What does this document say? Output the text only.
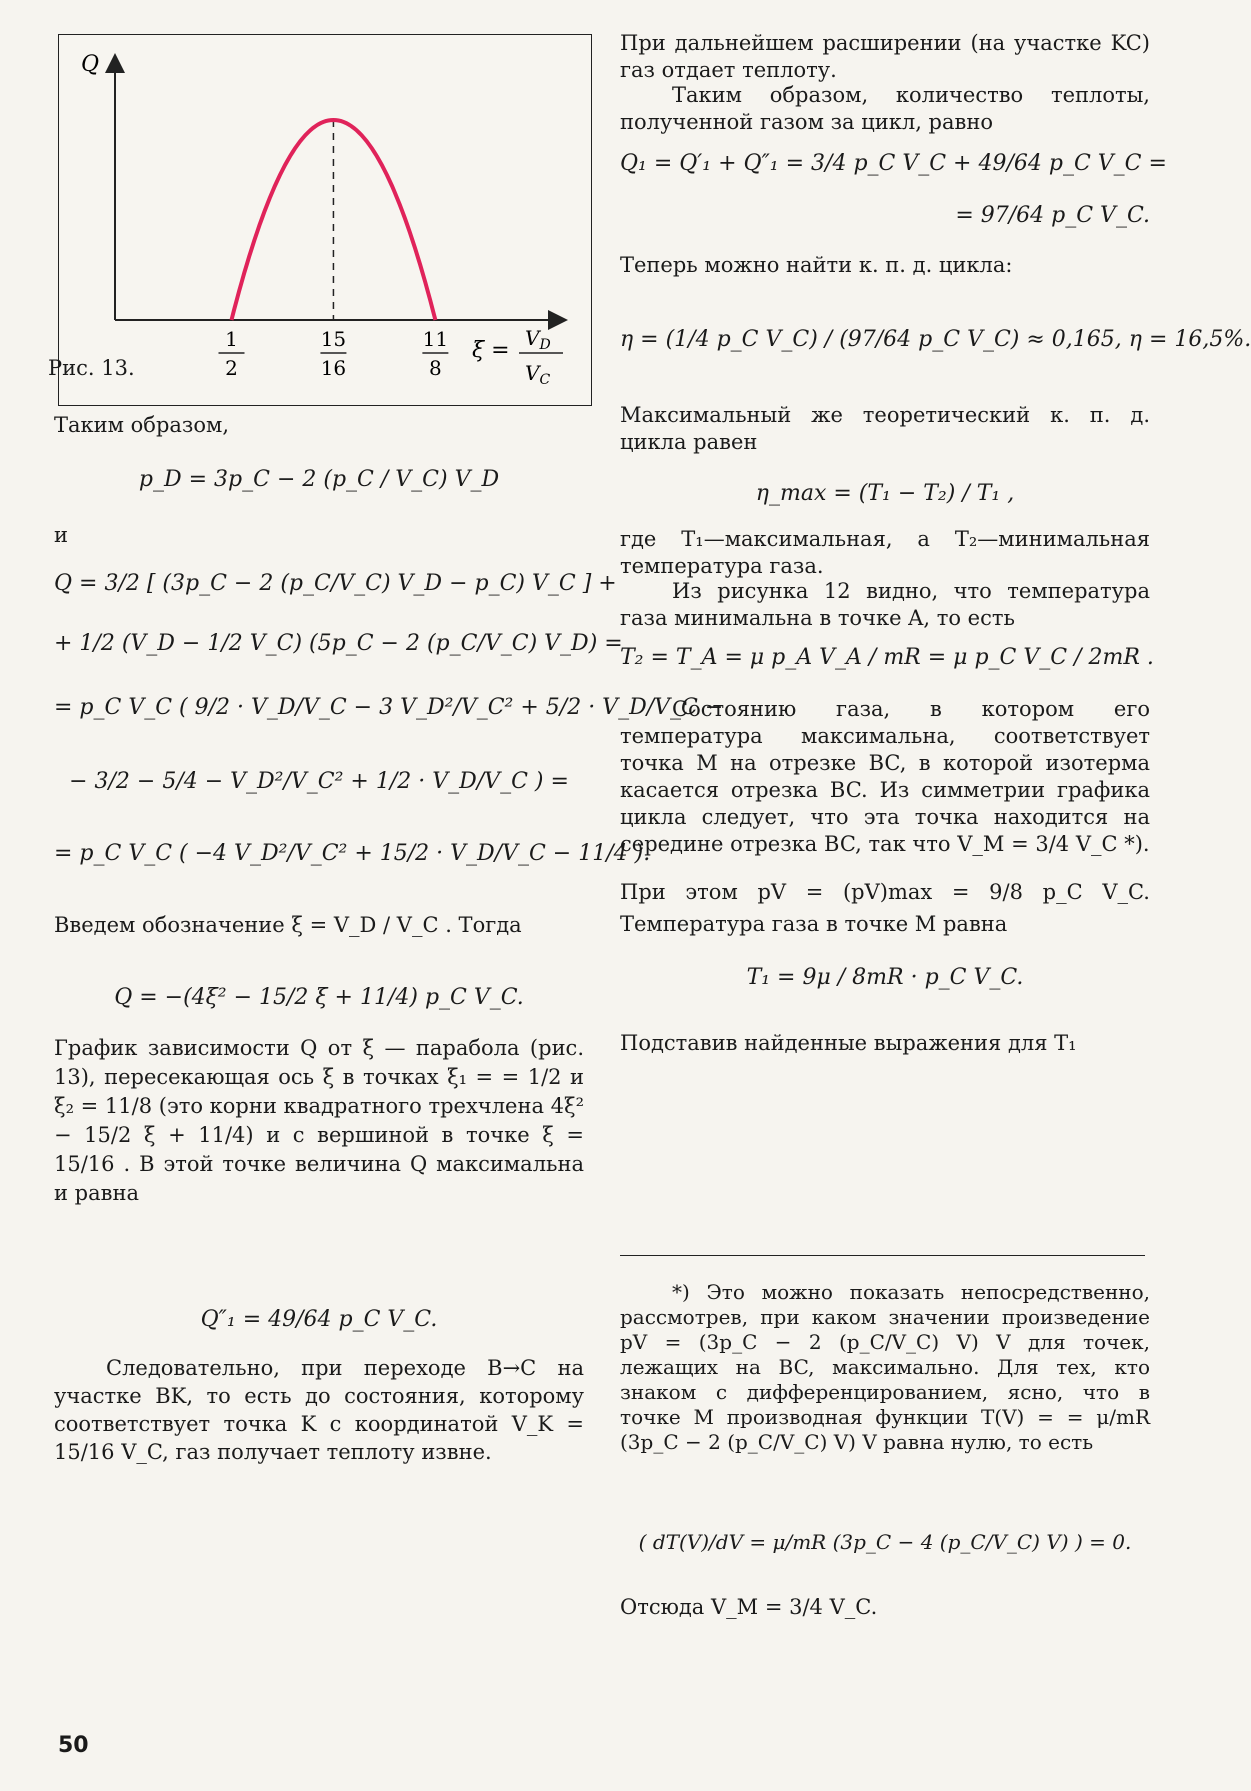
Q
1
2
15
16
11
8
$\xi = V_D$
$V_C$
Рис. 13.
Таким образом,
p_D = 3p_C − 2 (p_C / V_C) V_D
и
Q = 3/2 [ (3p_C − 2 (p_C/V_C) V_D − p_C) V_C ] +
+ 1/2 (V_D − 1/2 V_C) (5p_C − 2 (p_C/V_C) V_D) =
= p_C V_C ( 9/2 · V_D/V_C − 3 V_D²/V_C² + 5/2 · V_D/V_C −
− 3/2 − 5/4 − V_D²/V_C² + 1/2 · V_D/V_C ) =
= p_C V_C ( −4 V_D²/V_C² + 15/2 · V_D/V_C − 11/4 ).
Введем обозначение ξ = V_D / V_C . Тогда
Q = −(4ξ² − 15/2 ξ + 11/4) p_C V_C.
График зависимости Q от ξ — парабола (рис. 13), пересекающая ось ξ в точках ξ₁ = = 1/2 и ξ₂ = 11/8 (это корни квадратного трехчлена 4ξ² − 15/2 ξ + 11/4) и с вершиной в точке ξ = 15/16 . В этой точке величина Q максимальна и равна
Q″₁ = 49/64 p_C V_C.
Следовательно, при переходе B→C на участке BK, то есть до состояния, которому соответствует точка K с координатой V_K = 15/16 V_C, газ получает теплоту извне.
При дальнейшем расширении (на участке KC) газ отдает теплоту.
Таким образом, количество теплоты, полученной газом за цикл, равно
Q₁ = Q′₁ + Q″₁ = 3/4 p_C V_C + 49/64 p_C V_C =
= 97/64 p_C V_C.
Теперь можно найти к. п. д. цикла:
η = (1/4 p_C V_C) / (97/64 p_C V_C) ≈ 0,165, η = 16,5%.
Максимальный же теоретический к. п. д. цикла равен
η_max = (T₁ − T₂) / T₁ ,
где T₁—максимальная, а T₂—минимальная температура газа.
Из рисунка 12 видно, что температура газа минимальна в точке A, то есть
T₂ = T_A = μ p_A V_A / mR = μ p_C V_C / 2mR .
Состоянию газа, в котором его температура максимальна, соответствует точка M на отрезке BC, в которой изотерма касается отрезка BC. Из симметрии графика цикла следует, что эта точка находится на середине отрезка BC, так что V_M = 3/4 V_C *).
При этом pV = (pV)max = 9/8 p_C V_C. Температура газа в точке M равна
T₁ = 9μ / 8mR · p_C V_C.
Подставив найденные выражения для T₁
*) Это можно показать непосредственно, рассмотрев, при каком значении произведение pV = (3p_C − 2 (p_C/V_C) V) V для точек, лежащих на BC, максимально. Для тех, кто знаком с дифференцированием, ясно, что в точке M производная функции T(V) = = μ/mR (3p_C − 2 (p_C/V_C) V) V равна нулю, то есть
( dT(V)/dV = μ/mR (3p_C − 4 (p_C/V_C) V) ) = 0.
Отсюда V_M = 3/4 V_C.
50
